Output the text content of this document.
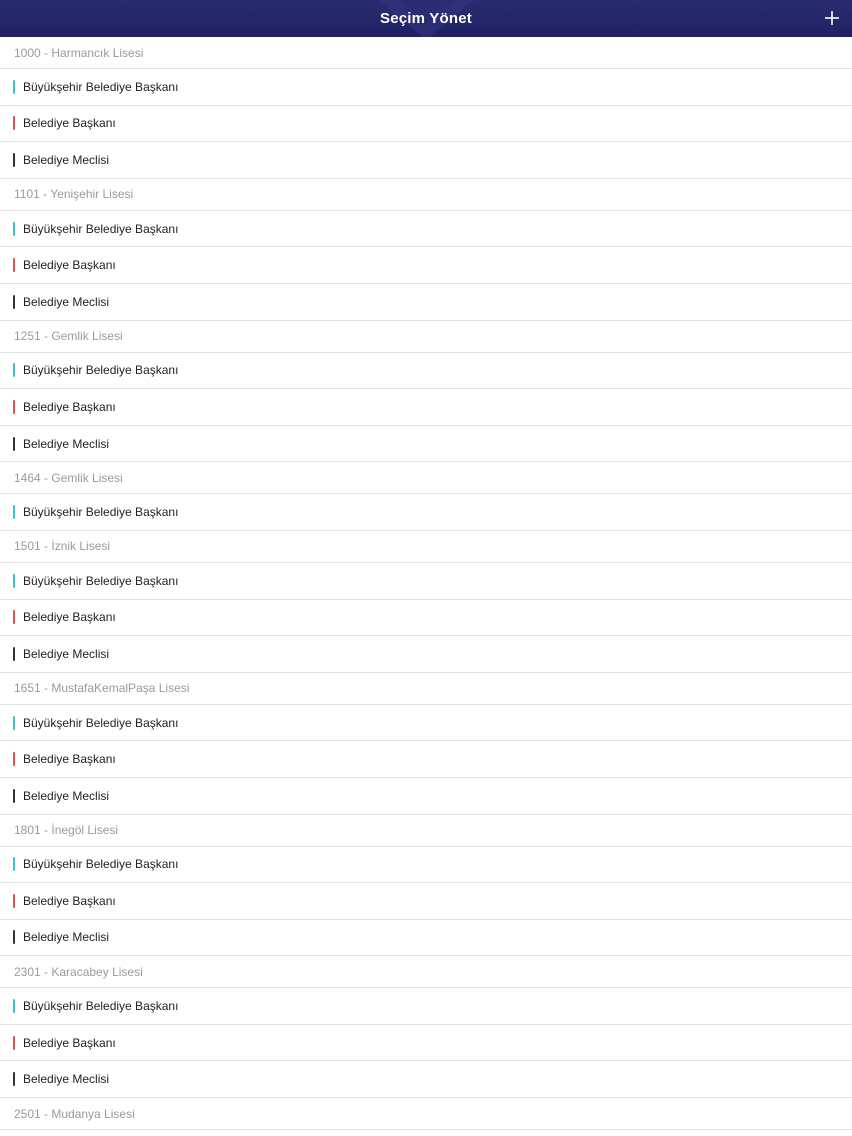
Seçim Yönet
1000 - Harmancık Lisesi
Büyükşehir Belediye Başkanı
Belediye Başkanı
Belediye Meclisi
1101 - Yenişehir Lisesi
Büyükşehir Belediye Başkanı
Belediye Başkanı
Belediye Meclisi
1251 - Gemlik Lisesi
Büyükşehir Belediye Başkanı
Belediye Başkanı
Belediye Meclisi
1464 - Gemlik Lisesi
Büyükşehir Belediye Başkanı
1501 - İznik Lisesi
Büyükşehir Belediye Başkanı
Belediye Başkanı
Belediye Meclisi
1651 - MustafaKemalPaşa Lisesi
Büyükşehir Belediye Başkanı
Belediye Başkanı
Belediye Meclisi
1801 - İnegöl Lisesi
Büyükşehir Belediye Başkanı
Belediye Başkanı
Belediye Meclisi
2301 - Karacabey Lisesi
Büyükşehir Belediye Başkanı
Belediye Başkanı
Belediye Meclisi
2501 - Mudanya Lisesi
